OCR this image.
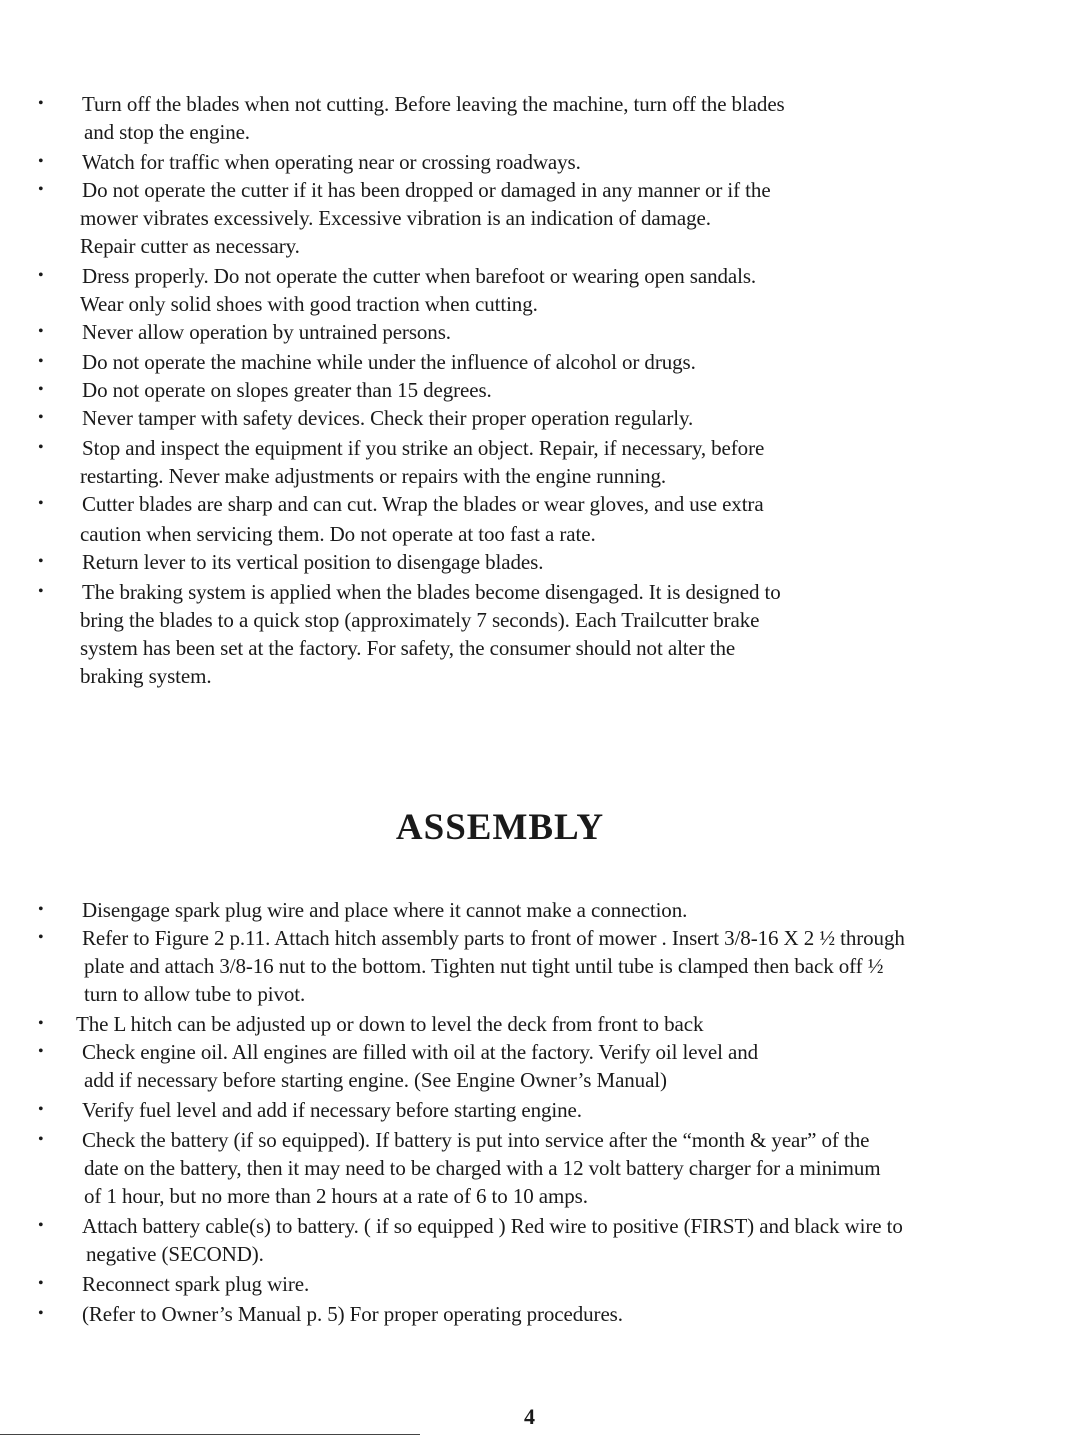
• Turn off the blades when not cutting. Before leaving the machine, turn off the blades
and stop the engine.
• Watch for traffic when operating near or crossing roadways.
• Do not operate the cutter if it has been dropped or damaged in any manner or if the
mower vibrates excessively. Excessive vibration is an indication of damage.
Repair cutter as necessary.
• Dress properly. Do not operate the cutter when barefoot or wearing open sandals.
Wear only solid shoes with good traction when cutting.
• Never allow operation by untrained persons.
• Do not operate the machine while under the influence of alcohol or drugs.
• Do not operate on slopes greater than 15 degrees.
• Never tamper with safety devices. Check their proper operation regularly.
• Stop and inspect the equipment if you strike an object. Repair, if necessary, before
restarting. Never make adjustments or repairs with the engine running.
• Cutter blades are sharp and can cut. Wrap the blades or wear gloves, and use extra
caution when servicing them. Do not operate at too fast a rate.
• Return lever to its vertical position to disengage blades.
• The braking system is applied when the blades become disengaged. It is designed to
bring the blades to a quick stop (approximately 7 seconds). Each Trailcutter brake
system has been set at the factory. For safety, the consumer should not alter the
braking system.
ASSEMBLY
• Disengage spark plug wire and place where it cannot make a connection.
• Refer to Figure 2 p.11. Attach hitch assembly parts to front of mower . Insert 3/8-16 X 2 ½ through
plate and attach 3/8-16 nut to the bottom. Tighten nut tight until tube is clamped then back off ½
turn to allow tube to pivot.
• The L hitch can be adjusted up or down to level the deck from front to back
• Check engine oil. All engines are filled with oil at the factory. Verify oil level and
add if necessary before starting engine. (See Engine Owner’s Manual)
• Verify fuel level and add if necessary before starting engine.
• Check the battery (if so equipped). If battery is put into service after the “month & year” of the
date on the battery, then it may need to be charged with a 12 volt battery charger for a minimum
of 1 hour, but no more than 2 hours at a rate of 6 to 10 amps.
• Attach battery cable(s) to battery. ( if so equipped ) Red wire to positive (FIRST) and black wire to
negative (SECOND).
• Reconnect spark plug wire.
• (Refer to Owner’s Manual p. 5) For proper operating procedures.
4
